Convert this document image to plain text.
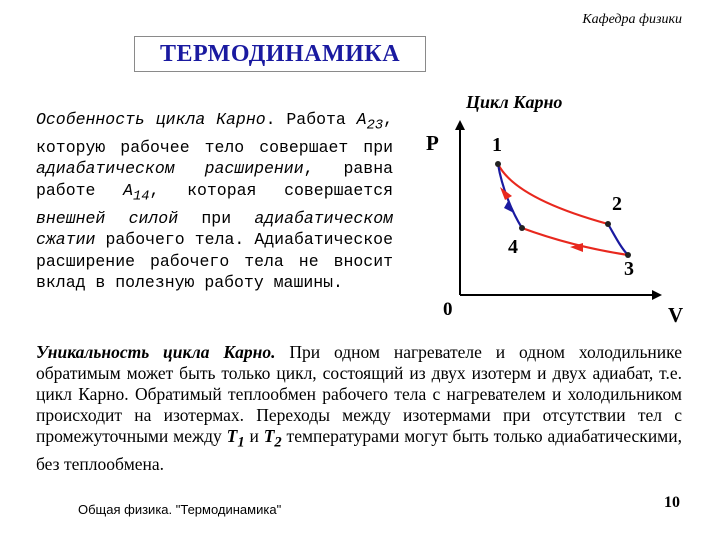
Кафедра физики
ТЕРМОДИНАМИКА
Особенность цикла Карно. Работа $A_{23}$, которую рабочее тело совершает при адиабатическом расширении, равна работе $A_{14}$, которая совершается внешней силой при адиабатическом сжатии рабочего тела. Адиабатическое расширение рабочего тела не вносит вклад в полезную работу машины.
Цикл Карно
P
V
0
1
2
3
4
Уникальность цикла Карно. При одном нагревателе и одном холодильнике обратимым может быть только цикл, состоящий из двух изотерм и двух адиабат, т.е. цикл Карно. Обратимый теплообмен рабочего тела с нагревателем и холодильником происходит на изотермах. Переходы между изотермами при отсутствии тел с промежуточными между $T_1$ и $T_2$ температурами могут быть только адиабатическими, без теплообмена.
Общая физика. "Термодинамика"	10
